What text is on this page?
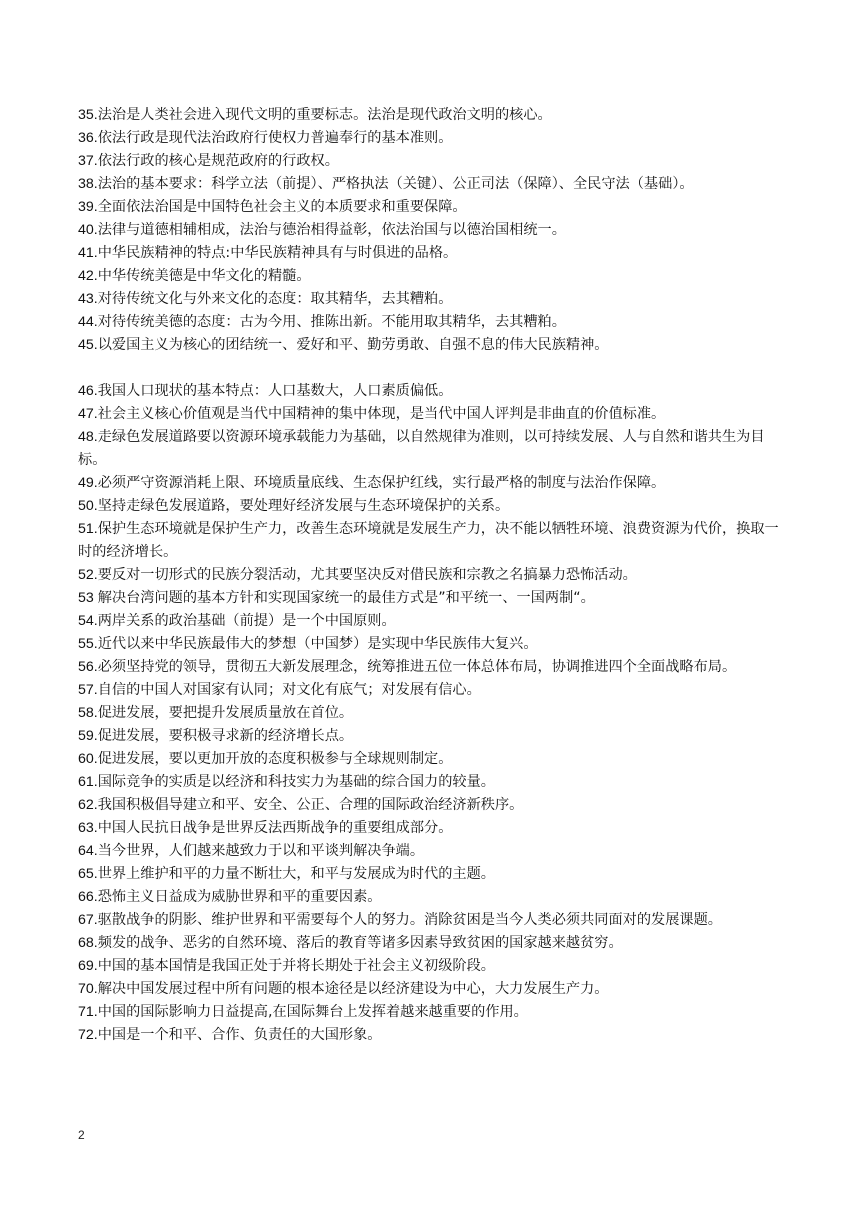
35.法治是人类社会进入现代文明的重要标志。法治是现代政治文明的核心。

36.依法行政是现代法治政府行使权力普遍奉行的基本准则。

37.依法行政的核心是规范政府的行政权。

38.法治的基本要求：科学立法（前提）、严格执法（关键）、公正司法（保障）、全民守法（基础）。

39.全面依法治国是中国特色社会主义的本质要求和重要保障。

40.法律与道德相辅相成，法治与德治相得益彰，依法治国与以德治国相统一。

41.中华民族精神的特点:中华民族精神具有与时俱进的品格。

42.中华传统美德是中华文化的精髓。

43.对待传统文化与外来文化的态度：取其精华，去其糟粕。

44.对待传统美德的态度：古为今用、推陈出新。不能用取其精华，去其糟粕。

45.以爱国主义为核心的团结统一、爱好和平、勤劳勇敢、自强不息的伟大民族精神。

46.我国人口现状的基本特点：人口基数大，人口素质偏低。

47.社会主义核心价值观是当代中国精神的集中体现，是当代中国人评判是非曲直的价值标准。

48.走绿色发展道路要以资源环境承载能力为基础，以自然规律为准则，以可持续发展、人与自然和谐共生为目标。

49.必须严守资源消耗上限、环境质量底线、生态保护红线，实行最严格的制度与法治作保障。

50.坚持走绿色发展道路，要处理好经济发展与生态环境保护的关系。

51.保护生态环境就是保护生产力，改善生态环境就是发展生产力，决不能以牺牲环境、浪费资源为代价，换取一时的经济增长。

52.要反对一切形式的民族分裂活动，尤其要坚决反对借民族和宗教之名搞暴力恐怖活动。

53 解决台湾问题的基本方针和实现国家统一的最佳方式是”和平统一、一国两制“。

54.两岸关系的政治基础（前提）是一个中国原则。

55.近代以来中华民族最伟大的梦想（中国梦）是实现中华民族伟大复兴。

56.必须坚持党的领导，贯彻五大新发展理念，统筹推进五位一体总体布局，协调推进四个全面战略布局。

57.自信的中国人对国家有认同；对文化有底气；对发展有信心。

58.促进发展，要把提升发展质量放在首位。

59.促进发展，要积极寻求新的经济增长点。

60.促进发展，要以更加开放的态度积极参与全球规则制定。

61.国际竞争的实质是以经济和科技实力为基础的综合国力的较量。

62.我国积极倡导建立和平、安全、公正、合理的国际政治经济新秩序。

63.中国人民抗日战争是世界反法西斯战争的重要组成部分。

64.当今世界，人们越来越致力于以和平谈判解决争端。

65.世界上维护和平的力量不断壮大，和平与发展成为时代的主题。

66.恐怖主义日益成为威胁世界和平的重要因素。

67.驱散战争的阴影、维护世界和平需要每个人的努力。消除贫困是当今人类必须共同面对的发展课题。

68.频发的战争、恶劣的自然环境、落后的教育等诸多因素导致贫困的国家越来越贫穷。

69.中国的基本国情是我国正处于并将长期处于社会主义初级阶段。

70.解决中国发展过程中所有问题的根本途径是以经济建设为中心，大力发展生产力。

71.中国的国际影响力日益提高,在国际舞台上发挥着越来越重要的作用。

72.中国是一个和平、合作、负责任的大国形象。

2
